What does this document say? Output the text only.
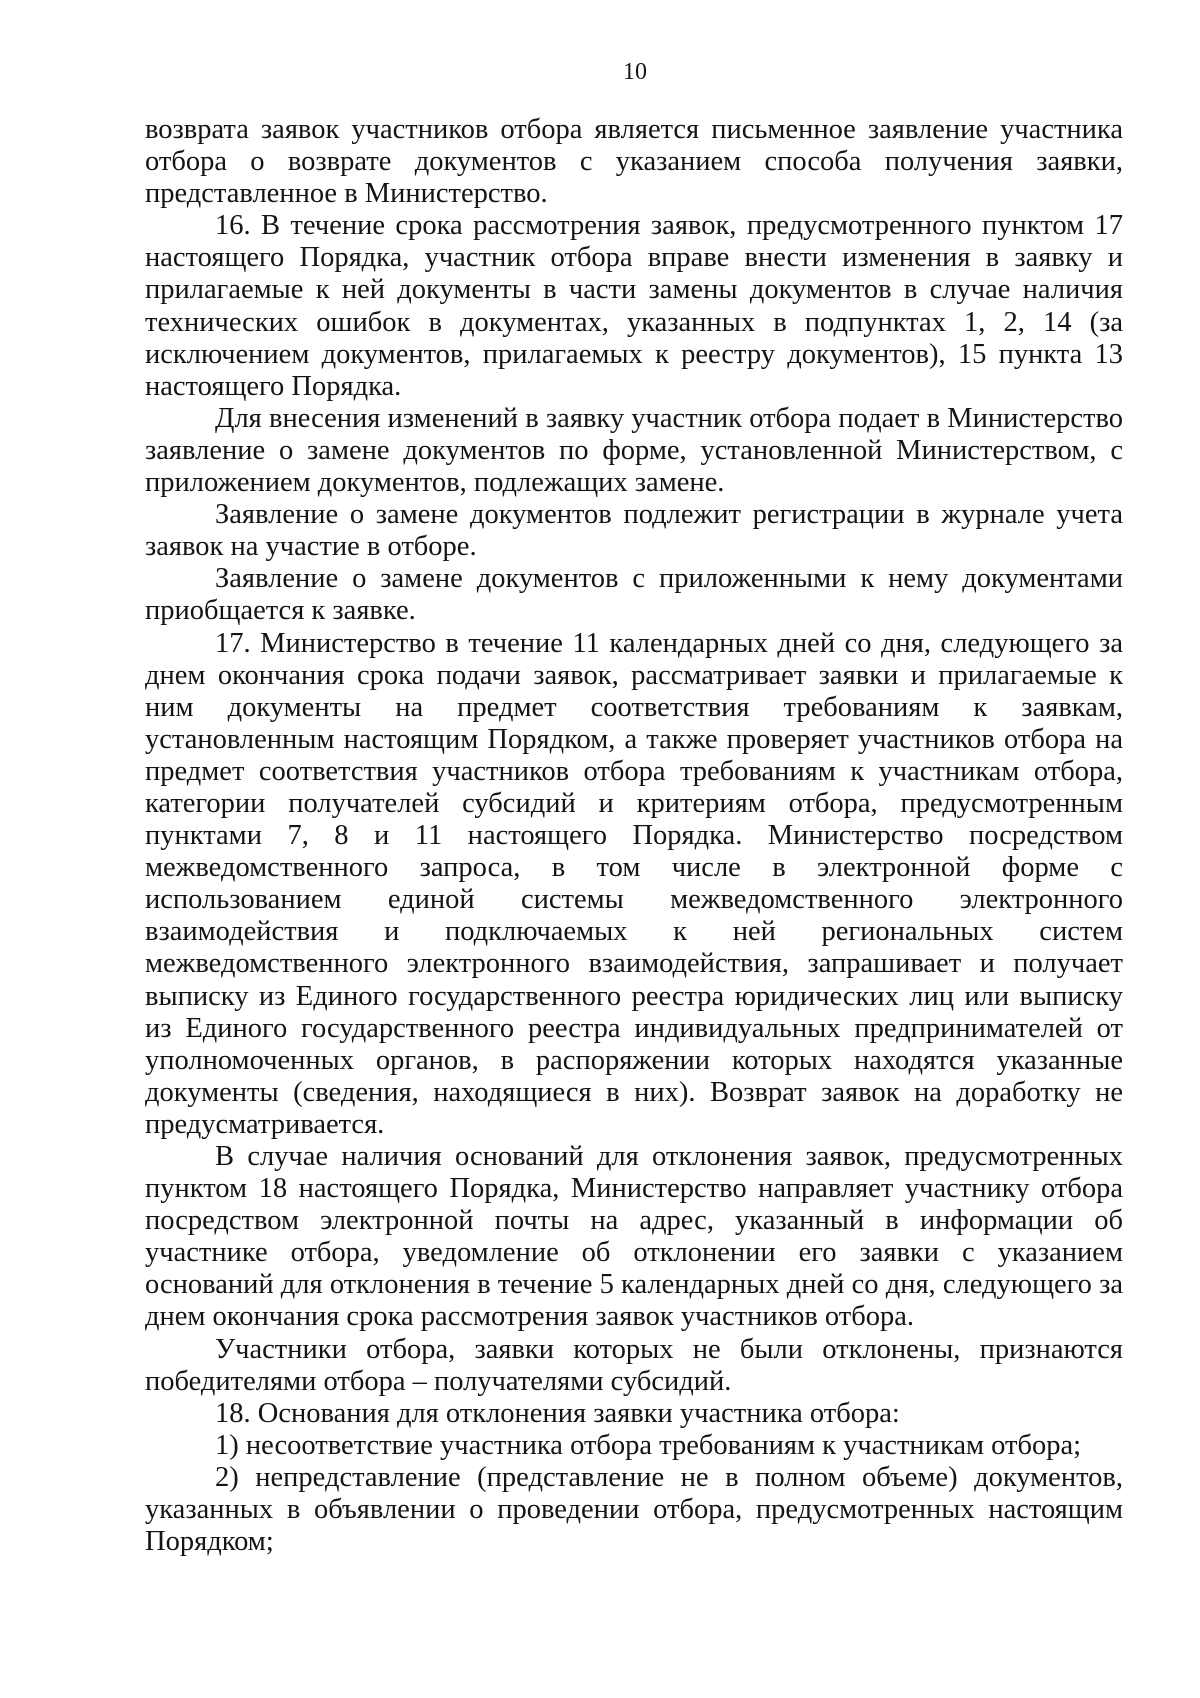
10

возврата заявок участников отбора является письменное заявление участника отбора о возврате документов с указанием способа получения заявки, представленное в Министерство.

16. В течение срока рассмотрения заявок, предусмотренного пунктом 17 настоящего Порядка, участник отбора вправе внести изменения в заявку и прилагаемые к ней документы в части замены документов в случае наличия технических ошибок в документах, указанных в подпунктах 1, 2, 14 (за исключением документов, прилагаемых к реестру документов), 15 пункта 13 настоящего Порядка.

Для внесения изменений в заявку участник отбора подает в Министерство заявление о замене документов по форме, установленной Министерством, с приложением документов, подлежащих замене.

Заявление о замене документов подлежит регистрации в журнале учета заявок на участие в отборе.

Заявление о замене документов с приложенными к нему документами приобщается к заявке.

17. Министерство в течение 11 календарных дней со дня, следующего за днем окончания срока подачи заявок, рассматривает заявки и прилагаемые к ним документы на предмет соответствия требованиям к заявкам, установленным настоящим Порядком, а также проверяет участников отбора на предмет соответствия участников отбора требованиям к участникам отбора, категории получателей субсидий и критериям отбора, предусмотренным пунктами 7, 8 и 11 настоящего Порядка. Министерство посредством межведомственного запроса, в том числе в электронной форме с использованием единой системы межведомственного электронного взаимодействия и подключаемых к ней региональных систем межведомственного электронного взаимодействия, запрашивает и получает выписку из Единого государственного реестра юридических лиц или выписку из Единого государственного реестра индивидуальных предпринимателей от уполномоченных органов, в распоряжении которых находятся указанные документы (сведения, находящиеся в них). Возврат заявок на доработку не предусматривается.

В случае наличия оснований для отклонения заявок, предусмотренных пунктом 18 настоящего Порядка, Министерство направляет участнику отбора посредством электронной почты на адрес, указанный в информации об участнике отбора, уведомление об отклонении его заявки с указанием оснований для отклонения в течение 5 календарных дней со дня, следующего за днем окончания срока рассмотрения заявок участников отбора.

Участники отбора, заявки которых не были отклонены, признаются победителями отбора – получателями субсидий.

18. Основания для отклонения заявки участника отбора:

1) несоответствие участника отбора требованиям к участникам отбора;

2) непредставление (представление не в полном объеме) документов, указанных в объявлении о проведении отбора, предусмотренных настоящим Порядком;
